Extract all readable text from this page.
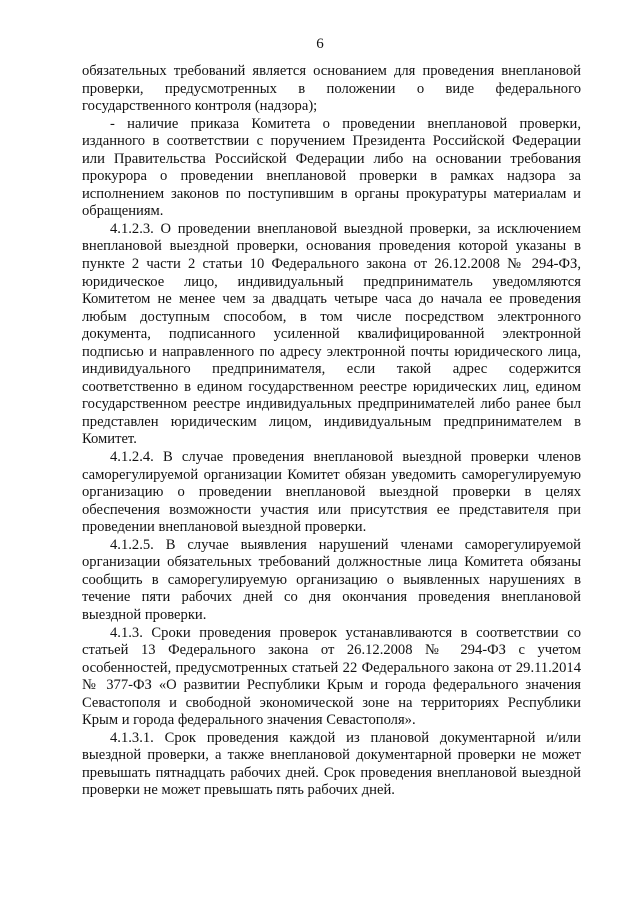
6

обязательных требований является основанием для проведения внеплановой проверки, предусмотренных в положении о виде федерального государственного контроля (надзора);

- наличие приказа Комитета о проведении внеплановой проверки, изданного в соответствии с поручением Президента Российской Федерации или Правительства Российской Федерации либо на основании требования прокурора о проведении внеплановой проверки в рамках надзора за исполнением законов по поступившим в органы прокуратуры материалам и обращениям.

4.1.2.3. О проведении внеплановой выездной проверки, за исключением внеплановой выездной проверки, основания проведения которой указаны в пункте 2 части 2 статьи 10 Федерального закона от 26.12.2008 № 294-ФЗ, юридическое лицо, индивидуальный предприниматель уведомляются Комитетом не менее чем за двадцать четыре часа до начала ее проведения любым доступным способом, в том числе посредством электронного документа, подписанного усиленной квалифицированной электронной подписью и направленного по адресу электронной почты юридического лица, индивидуального предпринимателя, если такой адрес содержится соответственно в едином государственном реестре юридических лиц, едином государственном реестре индивидуальных предпринимателей либо ранее был представлен юридическим лицом, индивидуальным предпринимателем в Комитет.

4.1.2.4. В случае проведения внеплановой выездной проверки членов саморегулируемой организации Комитет обязан уведомить саморегулируемую организацию о проведении внеплановой выездной проверки в целях обеспечения возможности участия или присутствия ее представителя при проведении внеплановой выездной проверки.

4.1.2.5. В случае выявления нарушений членами саморегулируемой организации обязательных требований должностные лица Комитета обязаны сообщить в саморегулируемую организацию о выявленных нарушениях в течение пяти рабочих дней со дня окончания проведения внеплановой выездной проверки.

4.1.3. Сроки проведения проверок устанавливаются в соответствии со статьей 13 Федерального закона от 26.12.2008 № 294-ФЗ с учетом особенностей, предусмотренных статьей 22 Федерального закона от 29.11.2014 № 377-ФЗ «О развитии Республики Крым и города федерального значения Севастополя и свободной экономической зоне на территориях Республики Крым и города федерального значения Севастополя».

4.1.3.1. Срок проведения каждой из плановой документарной и/или выездной проверки, а также внеплановой документарной проверки не может превышать пятнадцать рабочих дней. Срок проведения внеплановой выездной проверки не может превышать пять рабочих дней.
